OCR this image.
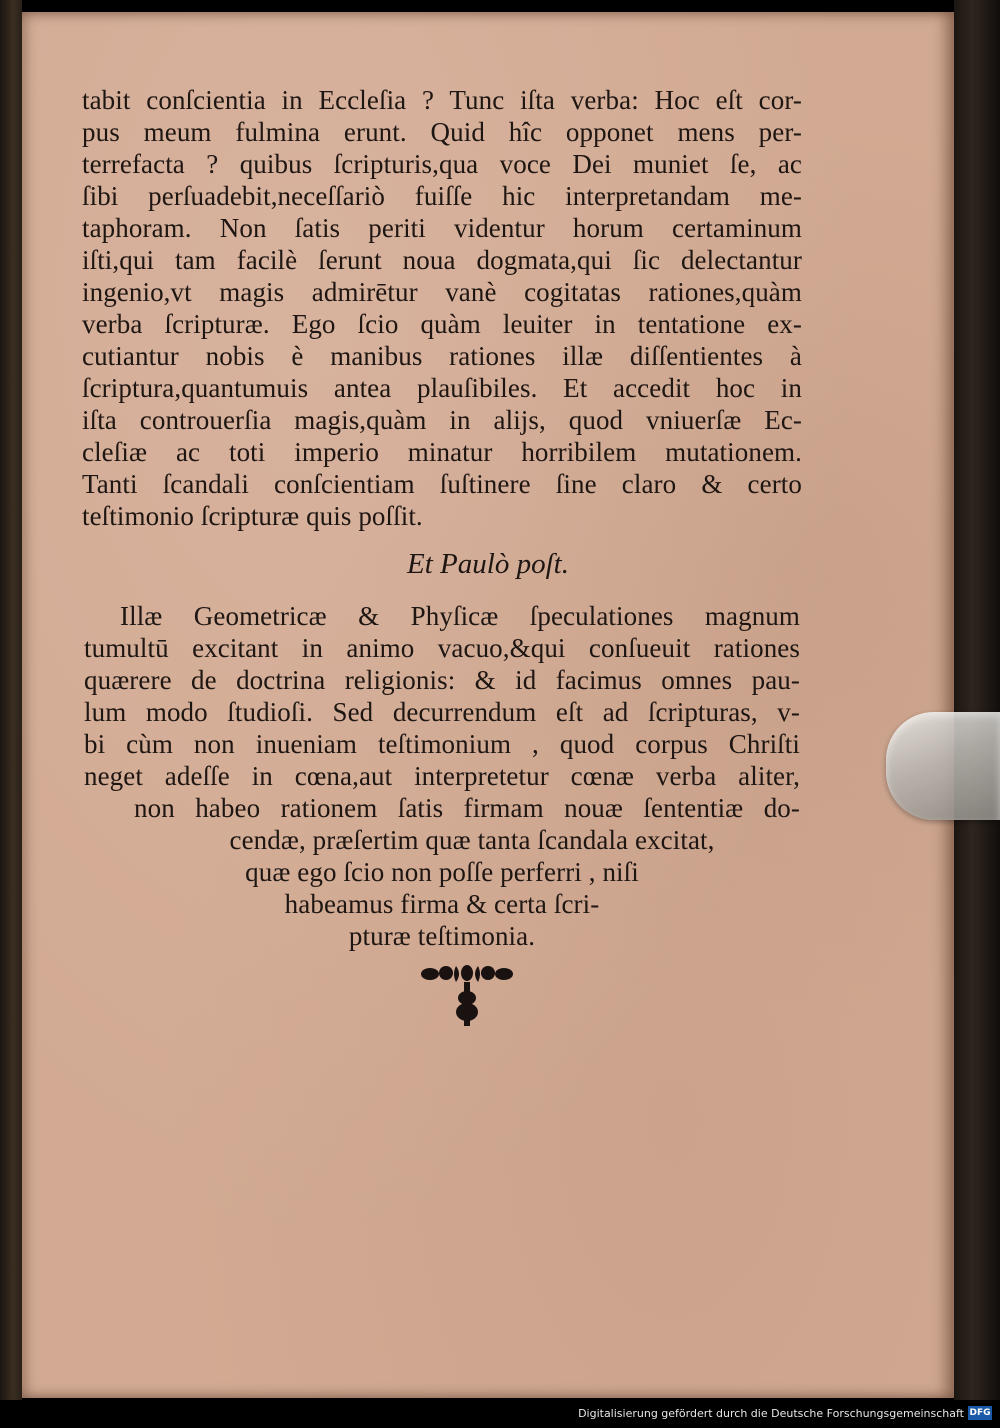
tabit conſcientia in Eccleſia ? Tunc iſta verba: Hoc eſt cor-
pus meum fulmina erunt. Quid hîc opponet mens per-
terrefacta ? quibus ſcripturis,qua voce Dei muniet ſe, ac
ſibi perſuadebit,neceſſariò fuiſſe hic interpretandam me-
taphoram. Non ſatis periti videntur horum certaminum
iſti,qui tam facilè ſerunt noua dogmata,qui ſic delectantur
ingenio,vt magis admirētur vanè cogitatas rationes,quàm
verba ſcripturæ. Ego ſcio quàm leuiter in tentatione ex-
cutiantur nobis è manibus rationes illæ diſſentientes à
ſcriptura,quantumuis antea plauſibiles. Et accedit hoc in
iſta controuerſia magis,quàm in alijs, quod vniuerſæ Ec-
cleſiæ ac toti imperio minatur horribilem mutationem.
Tanti ſcandali conſcientiam ſuſtinere ſine claro & certo
teſtimonio ſcripturæ quis poſſit.
Et Paulò poſt.
Illæ Geometricæ & Phyſicæ ſpeculationes magnum
tumultū excitant in animo vacuo,&qui conſueuit rationes
quærere de doctrina religionis: & id facimus omnes pau-
lum modo ſtudioſi. Sed decurrendum eſt ad ſcripturas, v-
bi cùm non inueniam teſtimonium , quod corpus Chriſti
neget adeſſe in cœna,aut interpretetur cœnæ verba aliter,
non habeo rationem ſatis firmam nouæ ſententiæ do-
cendæ, præſertim quæ tanta ſcandala excitat,
quæ ego ſcio non poſſe perferri , niſi
habeamus firma & certa ſcri-
pturæ teſtimonia.
Digitalisierung gefördert durch die Deutsche Forschungsgemeinschaft DFG
